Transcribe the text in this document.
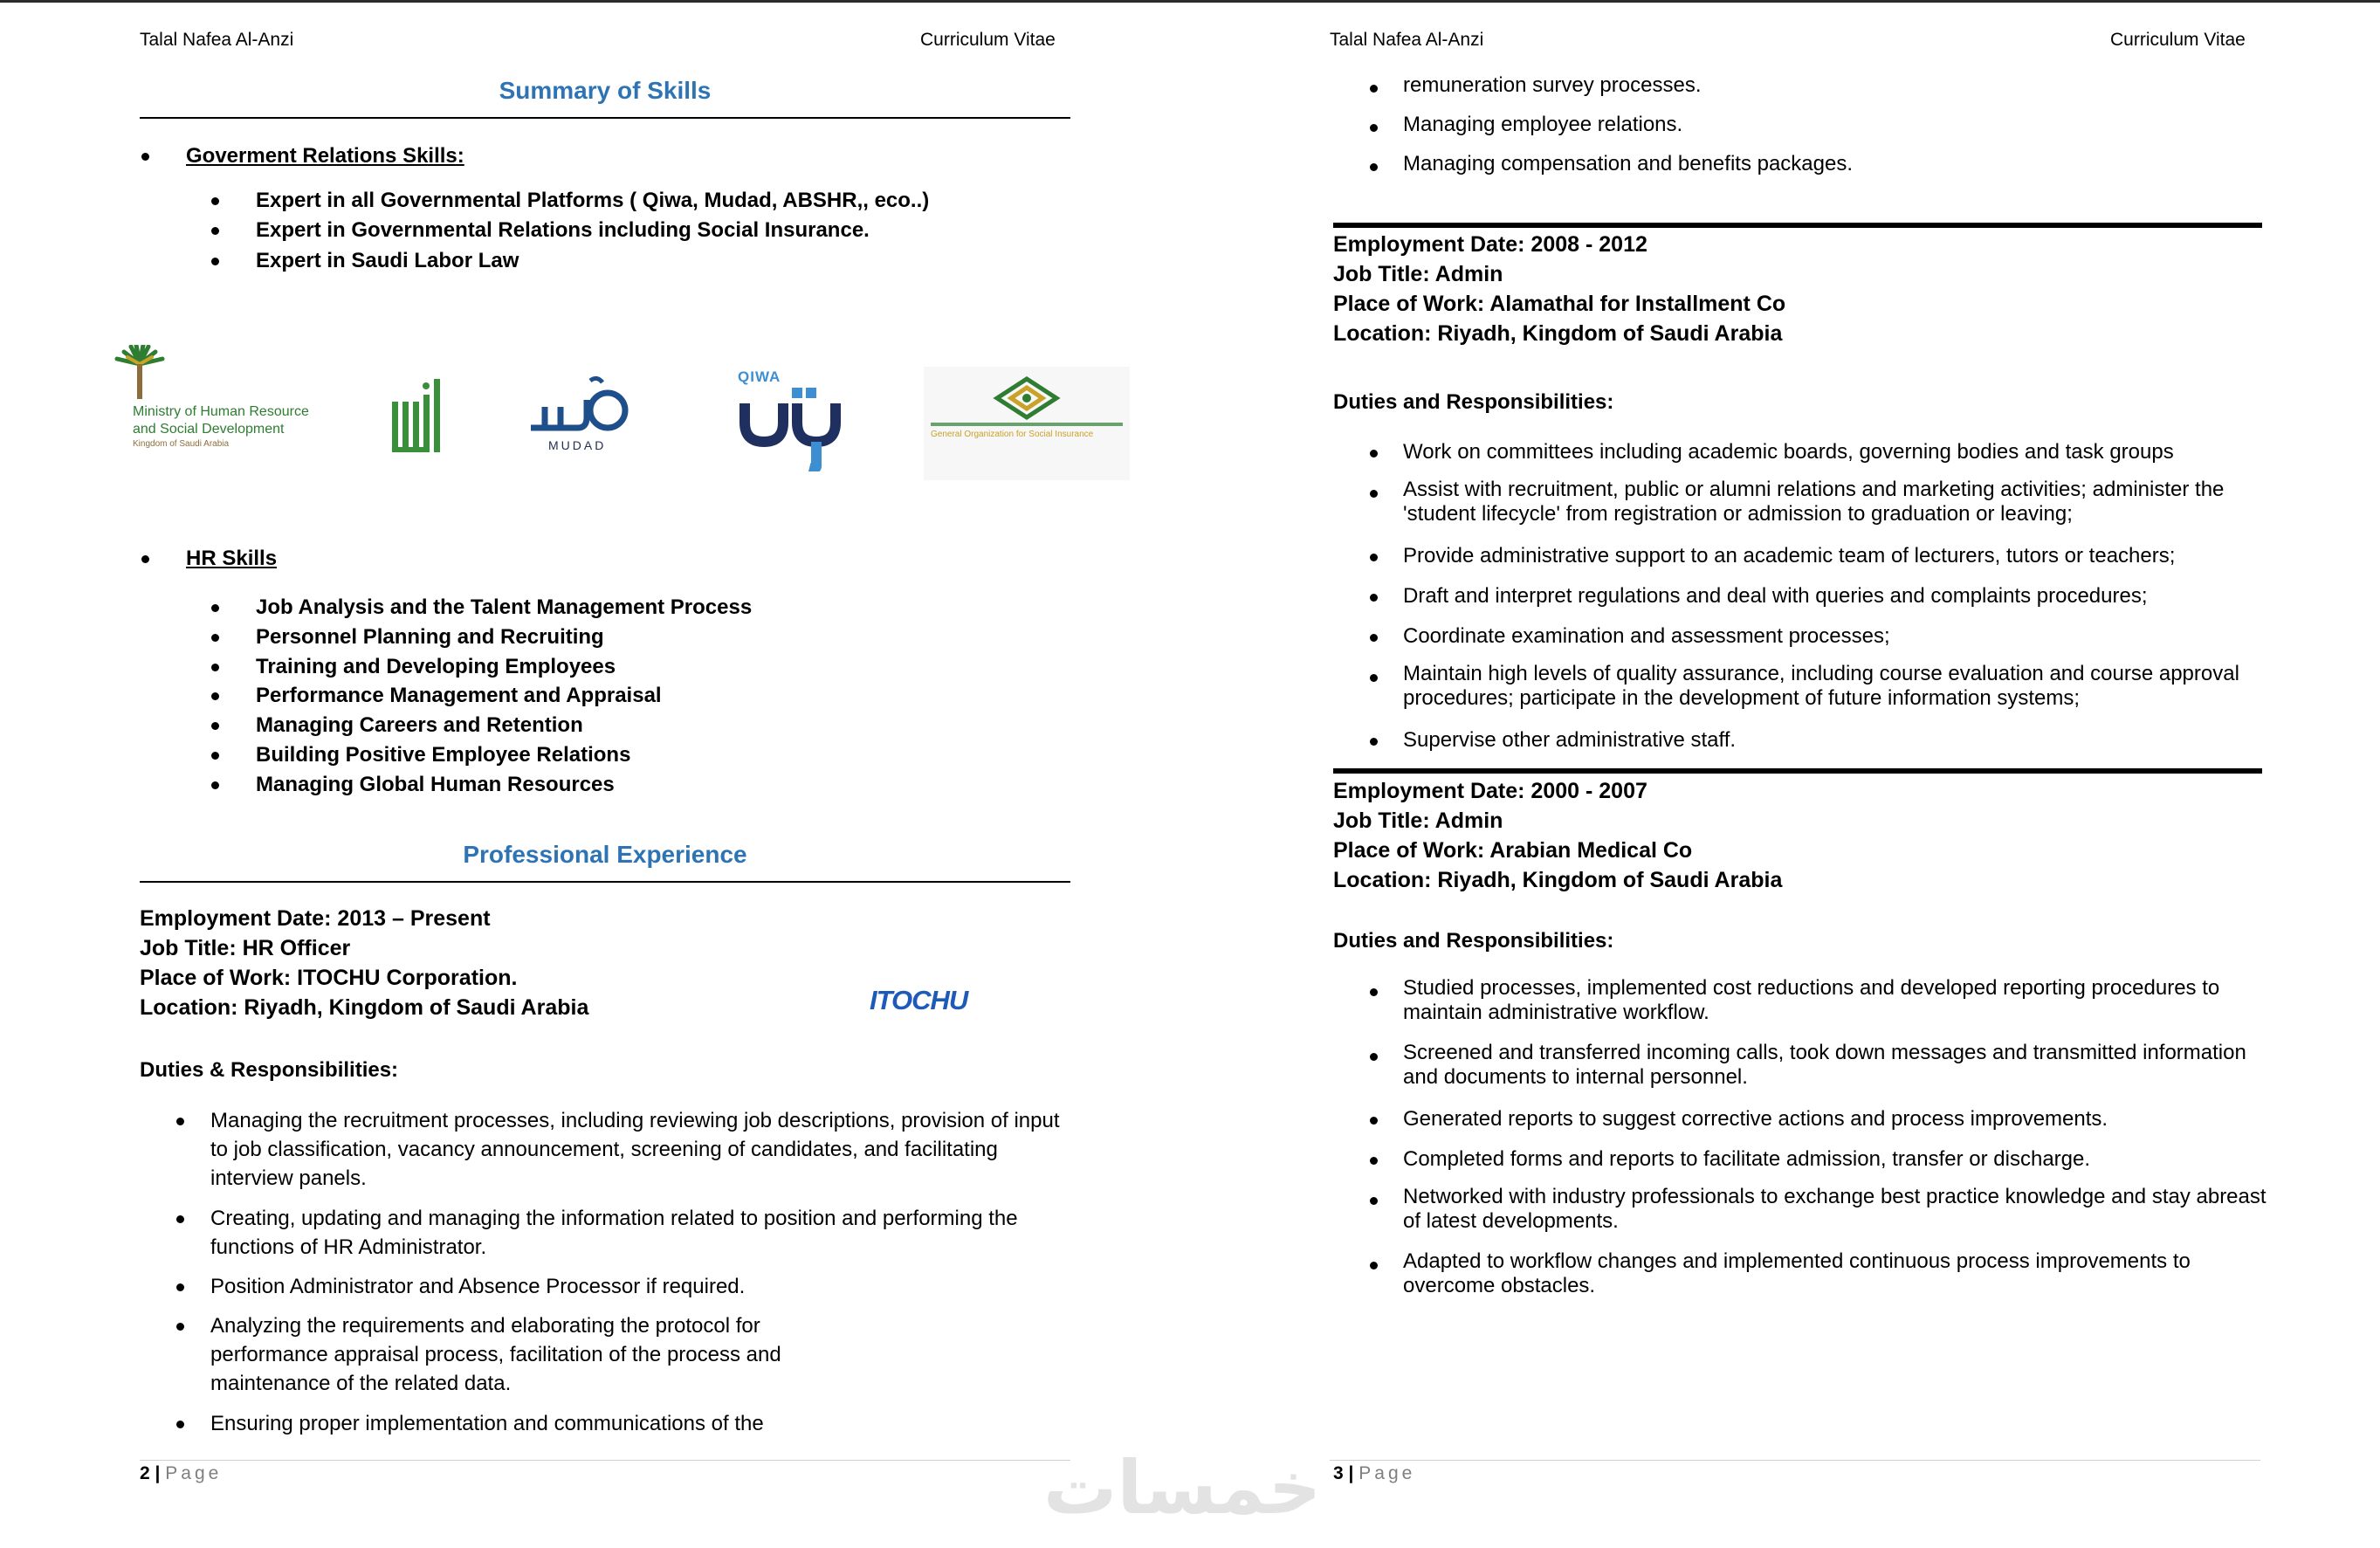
Talal Nafea Al-Anzi	Curriculum Vitae
Summary of Skills
Goverment Relations Skills:
Expert in all Governmental Platforms ( Qiwa, Mudad, ABSHR,, eco..)
Expert in Governmental Relations including Social Insurance.
Expert in Saudi Labor Law
Ministry of Human Resource
and Social Development
Kingdom of Saudi Arabia	MUDAD
QIWA
General Organization for Social Insurance
HR Skills
Job Analysis and the Talent Management Process
Personnel Planning and Recruiting
Training and Developing Employees
Performance Management and Appraisal
Managing Careers and Retention
Building Positive Employee Relations
Managing Global Human Resources
Professional Experience
Employment Date: 2013 – Present
Job Title: HR Officer
Place of Work: ITOCHU Corporation.
Location: Riyadh, Kingdom of Saudi Arabia	ITOCHU
Duties & Responsibilities:
Managing the recruitment processes, including reviewing job descriptions, provision of input to job classification, vacancy announcement, screening of candidates, and facilitating interview panels.
Creating, updating and managing the information related to position and performing the functions of HR Administrator.
Position Administrator and Absence Processor if required.
Analyzing the requirements and elaborating the protocol for performance appraisal process, facilitation of the process and maintenance of the related data.
Ensuring proper implementation and communications of the
2 | Page
Talal Nafea Al-Anzi	Curriculum Vitae
remuneration survey processes.
Managing employee relations.
Managing compensation and benefits packages.
Employment Date: 2008 - 2012
Job Title: Admin
Place of Work: Alamathal for Installment Co
Location: Riyadh, Kingdom of Saudi Arabia
Duties and Responsibilities:
Work on committees including academic boards, governing bodies and task groups
Assist with recruitment, public or alumni relations and marketing activities; administer the 'student lifecycle' from registration or admission to graduation or leaving;
Provide administrative support to an academic team of lecturers, tutors or teachers;
Draft and interpret regulations and deal with queries and complaints procedures;
Coordinate examination and assessment processes;
Maintain high levels of quality assurance, including course evaluation and course approval procedures; participate in the development of future information systems;
Supervise other administrative staff.
Employment Date: 2000 - 2007
Job Title: Admin
Place of Work: Arabian Medical Co
Location: Riyadh, Kingdom of Saudi Arabia
Duties and Responsibilities:
Studied processes, implemented cost reductions and developed reporting procedures to maintain administrative workflow.
Screened and transferred incoming calls, took down messages and transmitted information and documents to internal personnel.
Generated reports to suggest corrective actions and process improvements.
Completed forms and reports to facilitate admission, transfer or discharge.
Networked with industry professionals to exchange best practice knowledge and stay abreast of latest developments.
Adapted to workflow changes and implemented continuous process improvements to overcome obstacles.
3 | Page
خمسات
